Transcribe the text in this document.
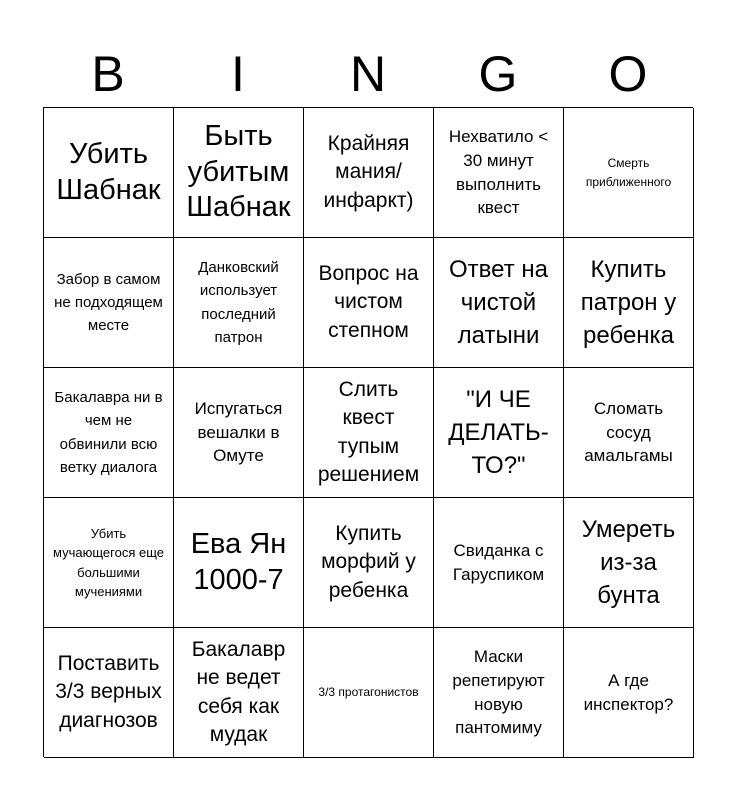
B	I	N	G	O
Убить Шабнак
Быть убитым Шабнак
Крайняя мания/ инфаркт)
Нехватило < 30 минут выполнить квест
Смерть приближенного
Забор в самом не подходящем месте
Данковский использует последний патрон
Вопрос на чистом степном
Ответ на чистой латыни
Купить патрон у ребенка
Бакалавра ни в чем не обвинили всю ветку диалога
Испугаться вешалки в Омуте
Слить квест тупым решением
"И ЧЕ ДЕЛАТЬ-ТО?"
Сломать сосуд амальгамы
Убить мучающегося еще большими мучениями
Ева Ян 1000-7
Купить морфий у ребенка
Свиданка с Гаруспиком
Умереть из-за бунта
Поставить 3/3 верных диагнозов
Бакалавр не ведет себя как мудак
3/3 протагонистов
Маски репетируют новую пантомиму
А где инспектор?
